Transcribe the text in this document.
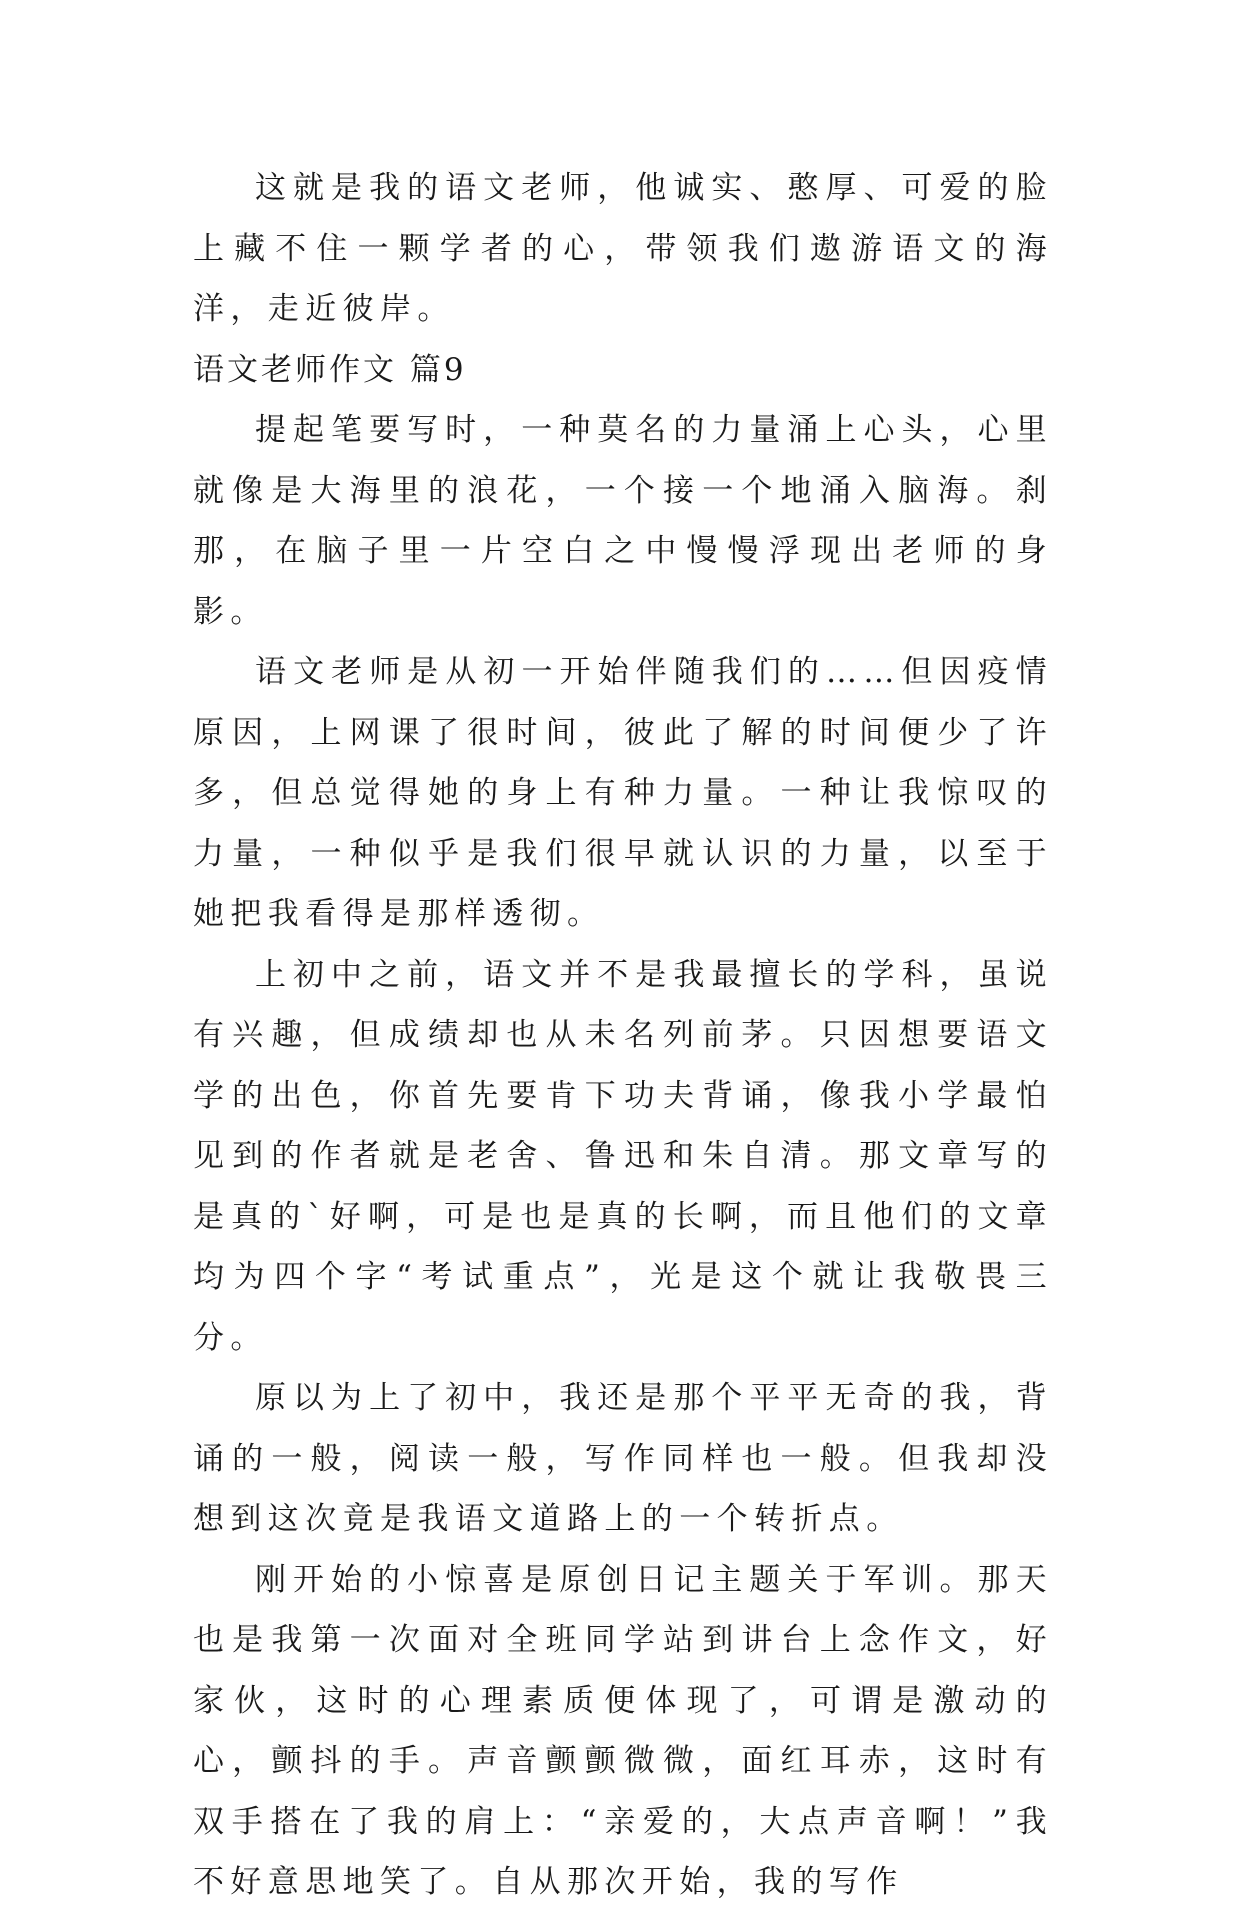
这就是我的语文老师，他诚实、憨厚、可爱的脸上藏不住一颗学者的心，带领我们遨游语文的海洋，走近彼岸。

语文老师作文 篇9

提起笔要写时，一种莫名的力量涌上心头，心里就像是大海里的浪花，一个接一个地涌入脑海。刹那，在脑子里一片空白之中慢慢浮现出老师的身影。

语文老师是从初一开始伴随我们的……但因疫情原因，上网课了很时间，彼此了解的时间便少了许多，但总觉得她的身上有种力量。一种让我惊叹的力量，一种似乎是我们很早就认识的力量，以至于她把我看得是那样透彻。

上初中之前，语文并不是我最擅长的学科，虽说有兴趣，但成绩却也从未名列前茅。只因想要语文学的出色，你首先要肯下功夫背诵，像我小学最怕见到的作者就是老舍、鲁迅和朱自清。那文章写的是真的`好啊，可是也是真的长啊，而且他们的文章均为四个字“考试重点”，光是这个就让我敬畏三分。

原以为上了初中，我还是那个平平无奇的我，背诵的一般，阅读一般，写作同样也一般。但我却没想到这次竟是我语文道路上的一个转折点。

刚开始的小惊喜是原创日记主题关于军训。那天也是我第一次面对全班同学站到讲台上念作文，好家伙，这时的心理素质便体现了，可谓是激动的心，颤抖的手。声音颤颤微微，面红耳赤，这时有双手搭在了我的肩上：“亲爱的，大点声音啊！”我不好意思地笑了。自从那次开始，我的写作
